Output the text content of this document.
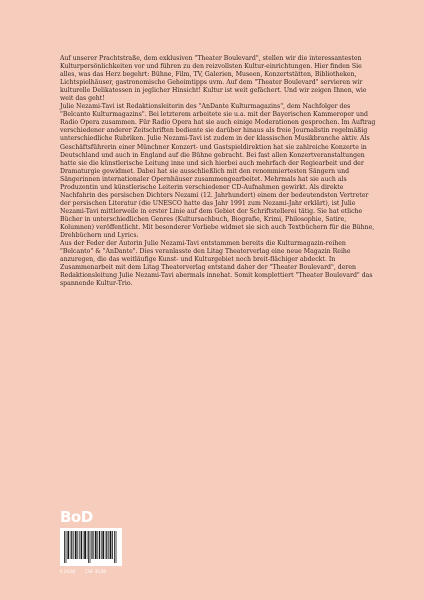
Auf unserer Prachtstraße, dem exklusiven "Theater Boulevard", stellen wir die interessantesten Kulturpersönlichkeiten vor und führen zu den reizvollsten Kultur-einrichtungen. Hier finden Sie alles, was das Herz begehrt: Bühne, Film, TV, Galerien, Museen, Konzertstätten, Bibliotheken, Lichtspielhäuser, gastronomische Geheimtipps uvm. Auf dem "Theater Boulevard" servieren wir kulturelle Delikatessen in jeglicher Hinsicht! Kultur ist weit gefächert. Und wir zeigen Ihnen, wie weit das geht!

Julie Nezami-Tavi ist Redaktionsleiterin des "AnDante Kulturmagazins", dem Nachfolger des "Belcanto Kulturmagazins". Bei letzterem arbeitete sie u.a. mit der Bayerischen Kammeroper und Radio Opera zusammen. Für Radio Opera hat sie auch einige Moderationen gesprochen. Im Auftrag verschiedener anderer Zeitschriften bediente sie darüber hinaus als freie Journalistin regelmäßig unterschiedliche Rubriken. Julie Nezami-Tavi ist zudem in der klassischen Musikbranche aktiv. Als Geschäftsführerin einer Münchner Konzert- und Gastspieldirektion hat sie zahlreiche Konzerte in Deutschland und auch in England auf die Bühne gebracht. Bei fast allen Konzertveranstaltungen hatte sie die künstlerische Leitung inne und sich hierbei auch mehrfach der Regiearbeit und der Dramaturgie gewidmet. Dabei hat sie ausschließlich mit den renommiertesten Sängern und Sängerinnen internationaler Opernhäuser zusammengearbeitet. Mehrmals hat sie auch als Produzentin und künstlerische Leiterin verschiedener CD-Aufnahmen gewirkt. Als direkte Nachfahrin des persischen Dichters Nezami (12. Jahrhundert) einem der bedeutendsten Vertreter der persischen Literatur (die UNESCO hatte das Jahr 1991 zum Nezami-Jahr erklärt), ist Julie Nezami-Tavi mittlerweile in erster Linie auf dem Gebiet der Schriftstellerei tätig. Sie hat etliche Bücher in unterschiedlichen Genres (Kultursachbuch, Biografie, Krimi, Philosophie, Satire, Kolumnen) veröffentlicht. Mit besonderer Vorliebe widmet sie sich auch Textbüchern für die Bühne, Drehbüchern und Lyrics.

Aus der Feder der Autorin Julie Nezami-Tavi entstammen bereits die Kulturmagazin-reihen "Belcanto" & "AnDante". Dies veranlasste den Litag Theaterverlag eine neue Magazin Reihe anzuregen, die das weitläufige Kunst- und Kulturgebiet noch breit-flächiger abdeckt. In Zusammenarbeit mit dem Litag Theaterverlag entstand daher der "Theater Boulevard", deren Redaktionsleitung Julie Nezami-Tavi abermals innehat. Somit komplettiert "Theater Boulevard" das spannende Kultur-Trio.

BoD
9  783755  760191
€ 24,90	CHF 35,90
